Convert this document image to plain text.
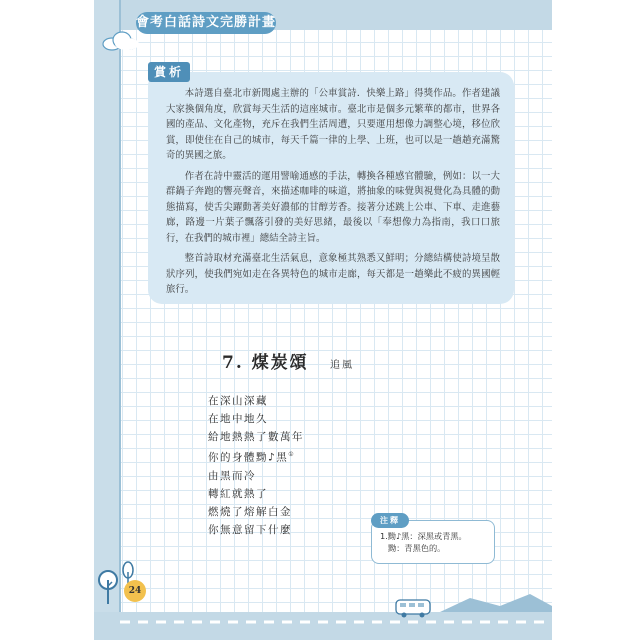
會考白話詩文完勝計畫

本詩選自臺北市新聞處主辦的「公車賞詩．快樂上路」得獎作品。作者建議大家換個角度，欣賞每天生活的這座城市。臺北市是個多元繁華的都市，世界各國的產品、文化產物，充斥在我們生活周遭，只要運用想像力調整心境，移位欣賞，即使住在自己的城市，每天千篇一律的上學、上班，也可以是一趟趟充滿驚奇的異國之旅。

作者在詩中靈活的運用譬喻通感的手法，轉換各種感官體驗，例如：以一大群鍋子奔跑的響亮聲音，來描述咖啡的味道，將抽象的味覺與視覺化為具體的動態描寫，使舌尖躍動著美好濃郁的甘醇芳香。接著分述跳上公車、下車、走進藝廊，路邊一片葉子飄落引發的美好思緒，最後以「奉想像力為指南，我口口旅行，在我們的城市裡」總結全詩主旨。

整首詩取材充滿臺北生活氣息，意象極其熟悉又鮮明；分總結構使詩境呈散狀序列，使我們宛如走在各異特色的城市走廊，每天都是一趟樂此不疲的異國輕旅行。

賞析
7. 煤炭頌 追風
在深山深藏
在地中地久
給地熱熱了數萬年
你的身體黝♪黑①
由黑而冷
轉紅就熱了
燃燒了熔解白金
你無意留下什麼
1.黝♪黑：深黑或青黑。
黝：青黑色的。
注釋
24
